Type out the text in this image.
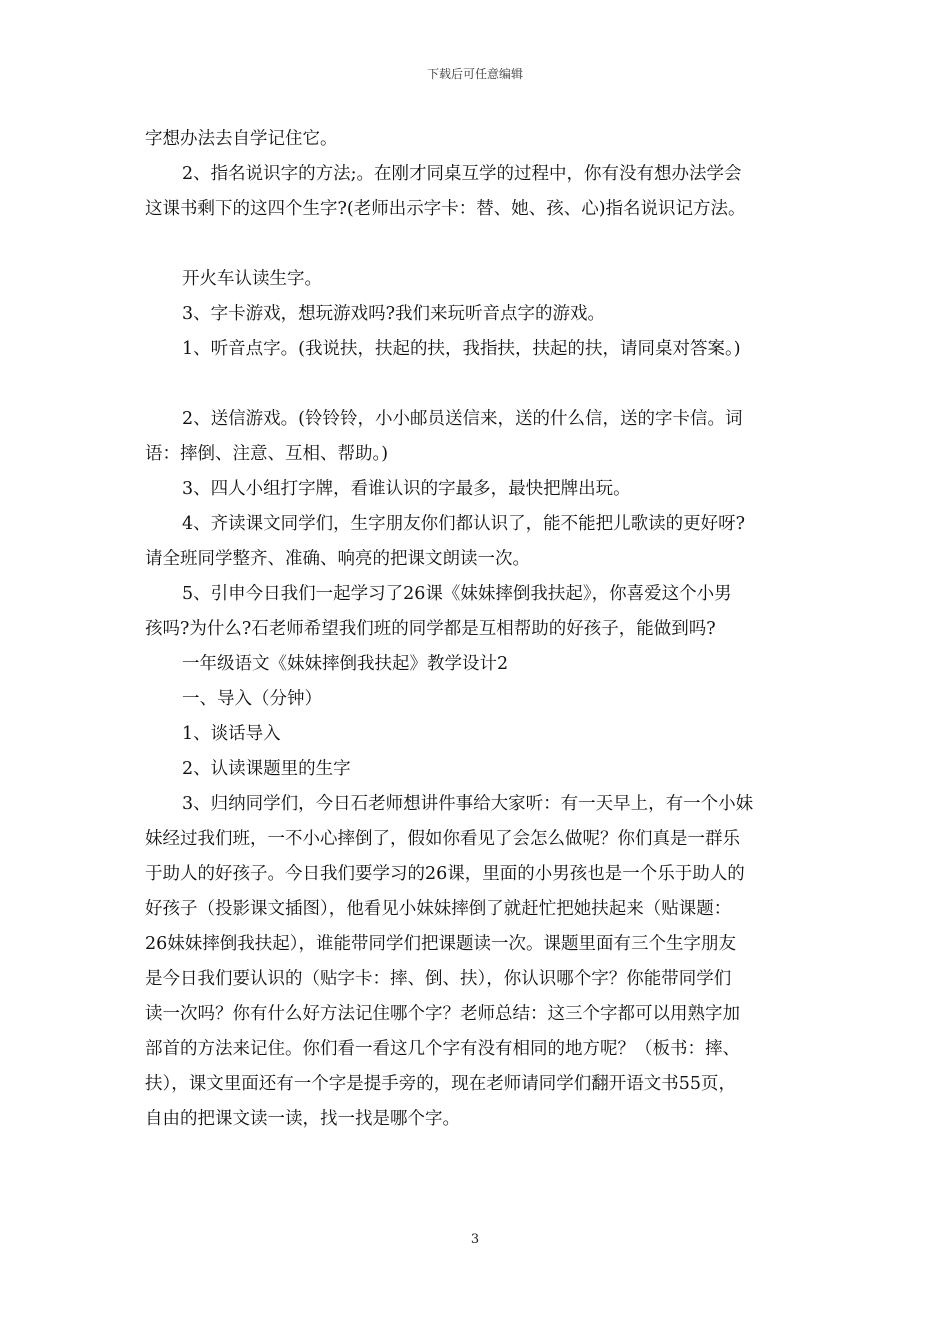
下载后可任意编辑
字想办法去自学记住它。
2、指名说识字的方法;。在刚才同桌互学的过程中，你有没有想办法学会
这课书剩下的这四个生字?(老师出示字卡：替、她、孩、心)指名说识记方法。
开火车认读生字。
3、字卡游戏，想玩游戏吗?我们来玩听音点字的游戏。
1、听音点字。(我说扶，扶起的扶，我指扶，扶起的扶，请同桌对答案。)
2、送信游戏。(铃铃铃，小小邮员送信来，送的什么信，送的字卡信。词
语：摔倒、注意、互相、帮助。)
3、四人小组打字牌，看谁认识的字最多，最快把牌出玩。
4、齐读课文同学们，生字朋友你们都认识了，能不能把儿歌读的更好呀?
请全班同学整齐、准确、响亮的把课文朗读一次。
5、引申今日我们一起学习了26课《妹妹摔倒我扶起》，你喜爱这个小男
孩吗?为什么?石老师希望我们班的同学都是互相帮助的好孩子，能做到吗?
一年级语文《妹妹摔倒我扶起》教学设计2
一、导入（分钟）
1、谈话导入
2、认读课题里的生字
3、归纳同学们，今日石老师想讲件事给大家听：有一天早上，有一个小妹
妹经过我们班，一不小心摔倒了，假如你看见了会怎么做呢？你们真是一群乐
于助人的好孩子。今日我们要学习的26课，里面的小男孩也是一个乐于助人的
好孩子（投影课文插图），他看见小妹妹摔倒了就赶忙把她扶起来（贴课题：
26妹妹摔倒我扶起），谁能带同学们把课题读一次。课题里面有三个生字朋友
是今日我们要认识的（贴字卡：摔、倒、扶），你认识哪个字？你能带同学们
读一次吗？你有什么好方法记住哪个字？老师总结：这三个字都可以用熟字加
部首的方法来记住。你们看一看这几个字有没有相同的地方呢？（板书：摔、
扶），课文里面还有一个字是提手旁的，现在老师请同学们翻开语文书55页，
自由的把课文读一读，找一找是哪个字。
3
